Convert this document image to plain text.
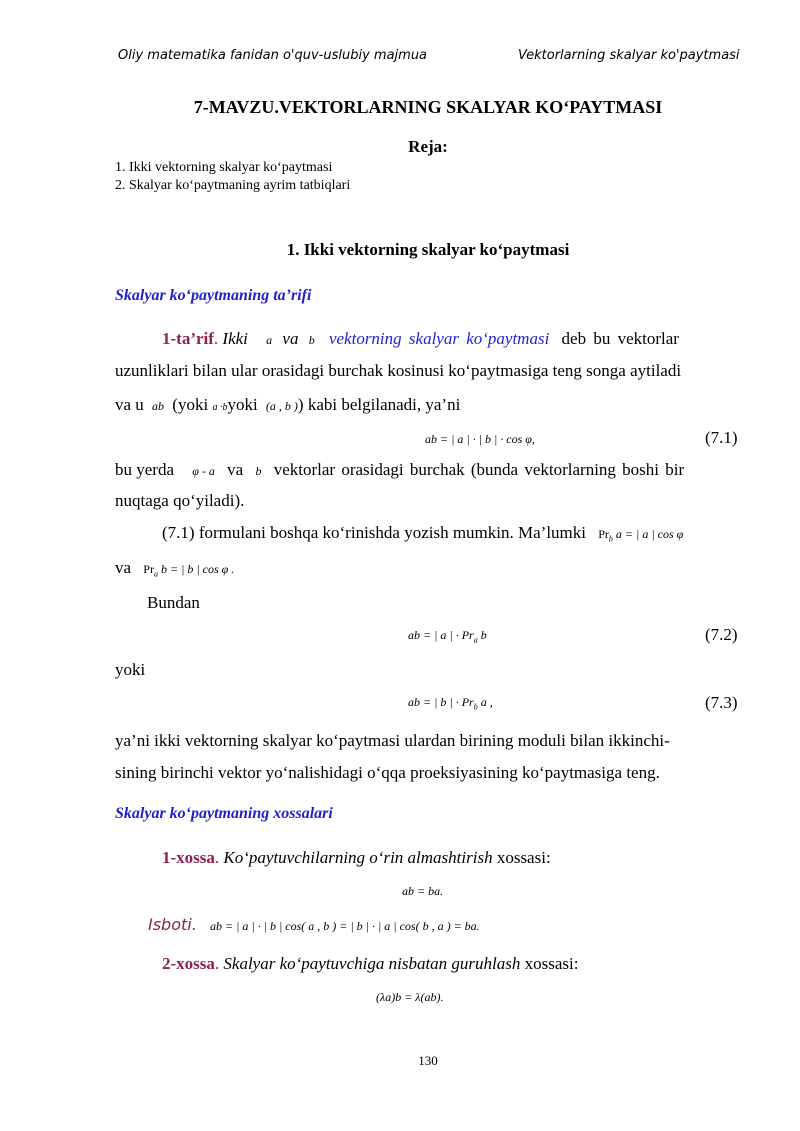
Oliy matematika fanidan o'quv-uslubiy majmua	Vektorlarning skalyar ko'paytmasi
7-MAVZU.VEKTORLARNING SKALYAR KO‘PAYTMASI
Reja:
1. Ikki vektorning skalyar ko‘paytmasi
2. Skalyar ko‘paytmaning ayrim tatbiqlari
1. Ikki vektorning skalyar ko‘paytmasi
Skalyar ko‘paytmaning ta’rifi
1-ta’rif. Ikki a va b vektorning skalyar ko‘paytmasi deb bu vektorlar
uzunliklari bilan ular orasidagi burchak kosinusi ko‘paytmasiga teng songa aytiladi
va u ab (yoki a ·byoki (a , b )) kabi belgilanadi, ya’ni
ab = | a | · | b | · cos φ,	(7.1)
bu yerda φ - a va b vektorlar orasidagi burchak (bunda vektorlarning boshi bir
nuqtaga qo‘yiladi).
(7.1) formulani boshqa ko‘rinishda yozish mumkin. Ma’lumki $Pr_b$ a = | a | cos φ
va $Pr_a$ b = | b | cos φ .
Bundan
ab = | a | · $Pr_a$ b	(7.2)
yoki
ab = | b | · $Pr_b$ a ,	(7.3)
ya’ni ikki vektorning skalyar ko‘paytmasi ulardan birining moduli bilan ikkinchi-
sining birinchi vektor yo‘nalishidagi o‘qqa proeksiyasining ko‘paytmasiga teng.
Skalyar ko‘paytmaning xossalari
1-xossa. Ko‘paytuvchilarning o‘rin almashtirish xossasi:
ab = ba.
Isboti. ab = | a | · | b | cos( a , b ) = | b | · | a | cos( b , a ) = ba.
2-xossa. Skalyar ko‘paytuvchiga nisbatan guruhlash xossasi:
(λa)b = λ(ab).
130
